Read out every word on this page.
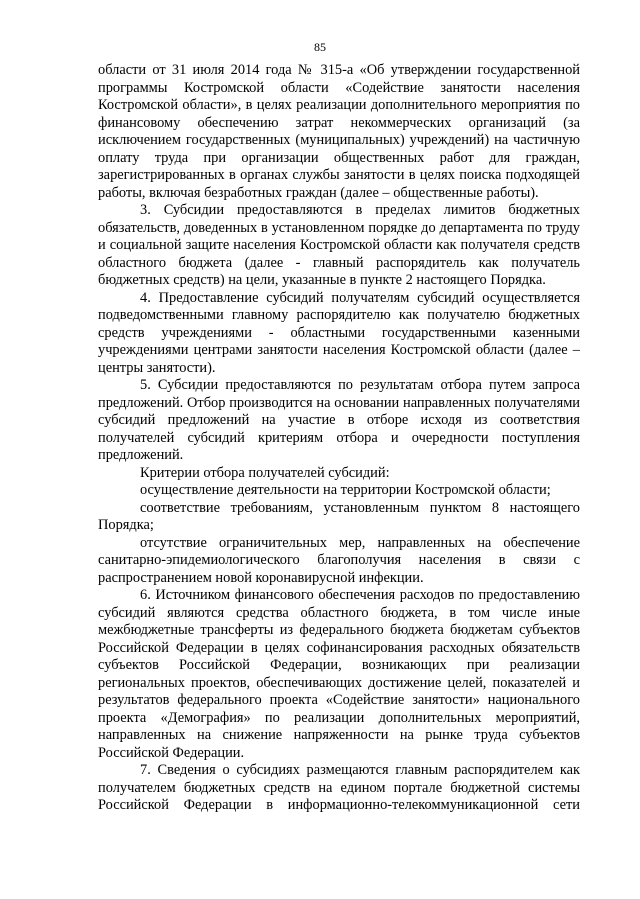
85

области от 31 июля 2014 года № 315-а «Об утверждении государственной программы Костромской области «Содействие занятости населения Костромской области», в целях реализации дополнительного мероприятия по финансовому обеспечению затрат некоммерческих организаций (за исключением государственных (муниципальных) учреждений) на частичную оплату труда при организации общественных работ для граждан, зарегистрированных в органах службы занятости в целях поиска подходящей работы, включая безработных граждан (далее – общественные работы).

3. Субсидии предоставляются в пределах лимитов бюджетных обязательств, доведенных в установленном порядке до департамента по труду и социальной защите населения Костромской области как получателя средств областного бюджета (далее - главный распорядитель как получатель бюджетных средств) на цели, указанные в пункте 2 настоящего Порядка.

4. Предоставление субсидий получателям субсидий осуществляется подведомственными главному распорядителю как получателю бюджетных средств учреждениями - областными государственными казенными учреждениями центрами занятости населения Костромской области (далее – центры занятости).

5. Субсидии предоставляются по результатам отбора путем запроса предложений. Отбор производится на основании направленных получателями субсидий предложений на участие в отборе исходя из соответствия получателей субсидий критериям отбора и очередности поступления предложений.

Критерии отбора получателей субсидий:

осуществление деятельности на территории Костромской области;

соответствие требованиям, установленным пунктом 8 настоящего Порядка;

отсутствие ограничительных мер, направленных на обеспечение санитарно-эпидемиологического благополучия населения в связи с распространением новой коронавирусной инфекции.

6. Источником финансового обеспечения расходов по предоставлению субсидий являются средства областного бюджета, в том числе иные межбюджетные трансферты из федерального бюджета бюджетам субъектов Российской Федерации в целях софинансирования расходных обязательств субъектов Российской Федерации, возникающих при реализации региональных проектов, обеспечивающих достижение целей, показателей и результатов федерального проекта «Содействие занятости» национального проекта «Демография» по реализации дополнительных мероприятий, направленных на снижение напряженности на рынке труда субъектов Российской Федерации.

7. Сведения о субсидиях размещаются главным распорядителем как получателем бюджетных средств на едином портале бюджетной системы Российской Федерации в информационно-телекоммуникационной сети
